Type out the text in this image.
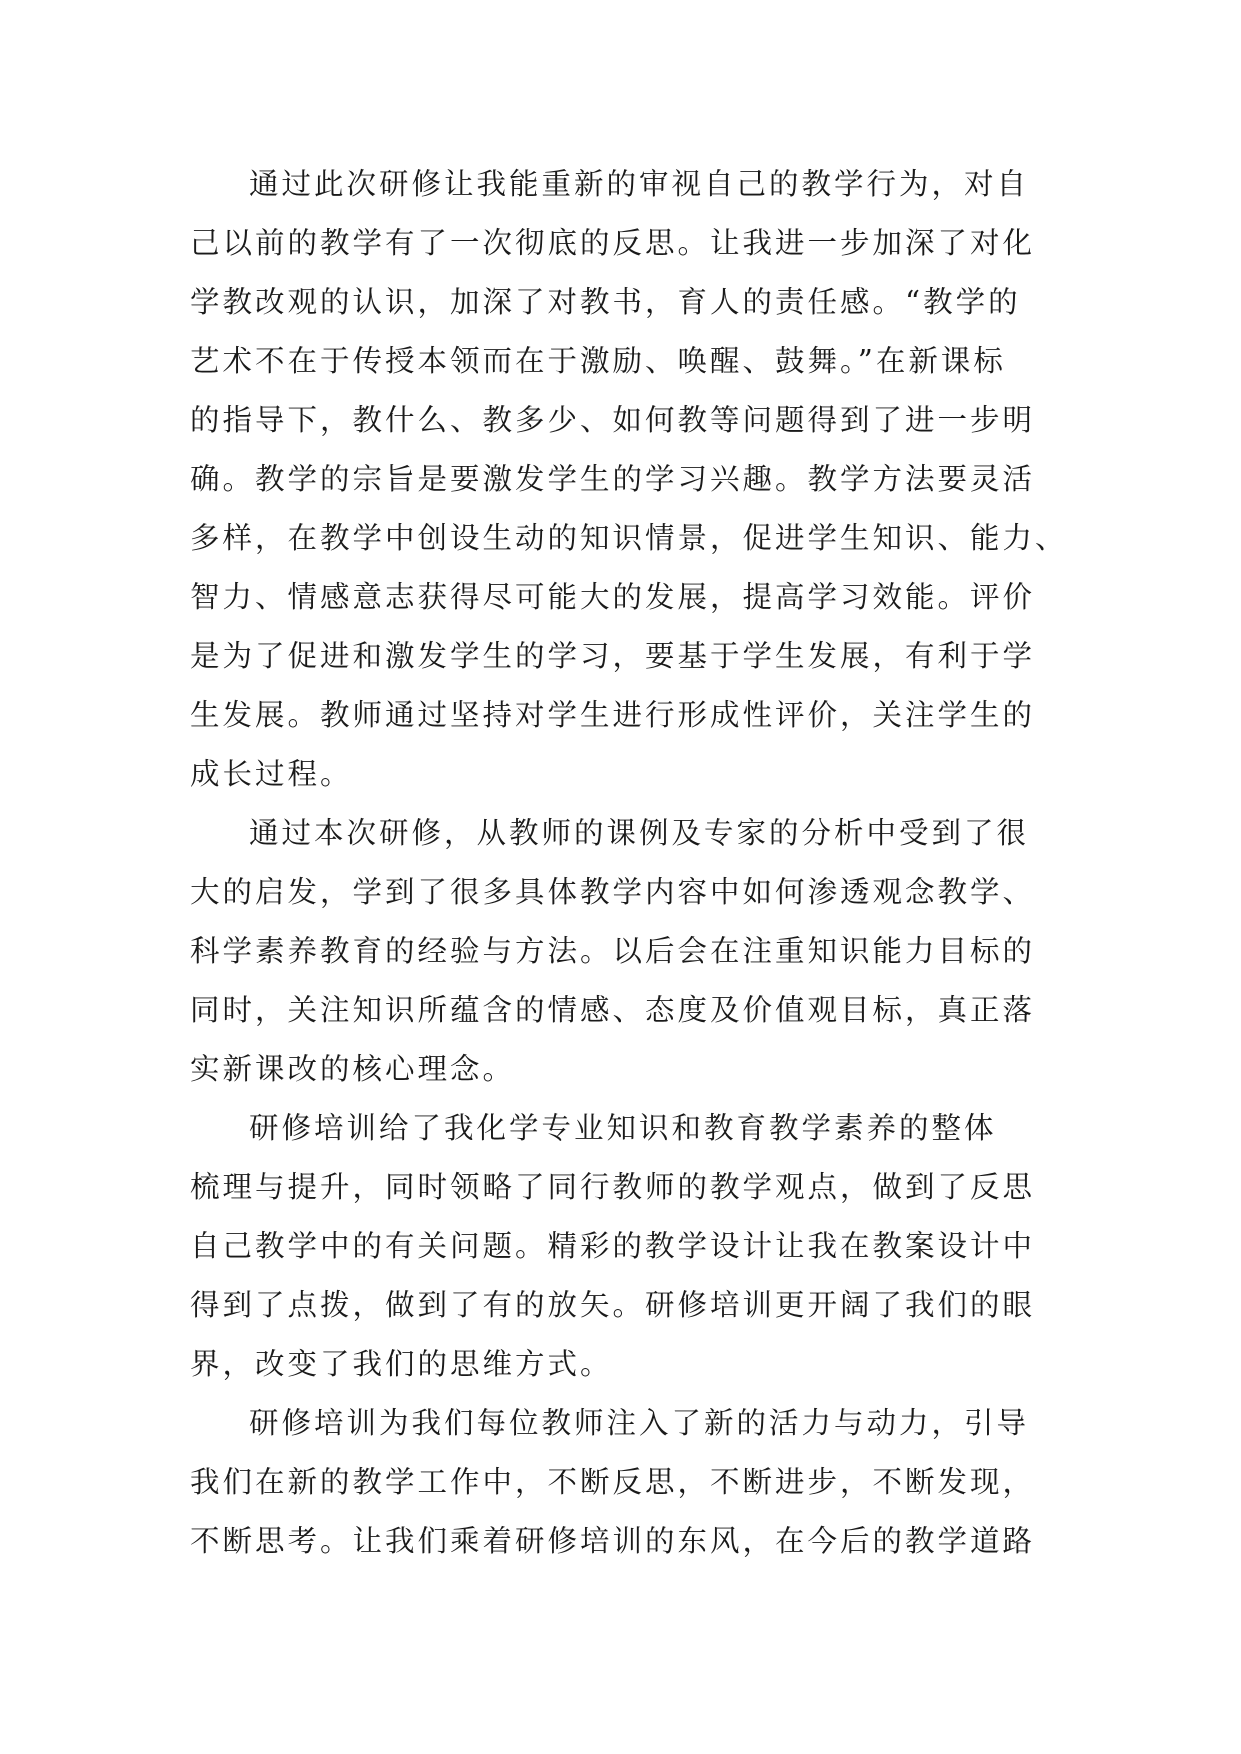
通过此次研修让我能重新的审视自己的教学行为，对自
己以前的教学有了一次彻底的反思。让我进一步加深了对化
学教改观的认识，加深了对教书，育人的责任感。“教学的
艺术不在于传授本领而在于激励、唤醒、鼓舞。”在新课标
的指导下，教什么、教多少、如何教等问题得到了进一步明
确。教学的宗旨是要激发学生的学习兴趣。教学方法要灵活
多样，在教学中创设生动的知识情景，促进学生知识、能力、
智力、情感意志获得尽可能大的发展，提高学习效能。评价
是为了促进和激发学生的学习，要基于学生发展，有利于学
生发展。教师通过坚持对学生进行形成性评价，关注学生的
成长过程。

通过本次研修，从教师的课例及专家的分析中受到了很
大的启发，学到了很多具体教学内容中如何渗透观念教学、
科学素养教育的经验与方法。以后会在注重知识能力目标的
同时，关注知识所蕴含的情感、态度及价值观目标，真正落
实新课改的核心理念。

研修培训给了我化学专业知识和教育教学素养的整体
梳理与提升，同时领略了同行教师的教学观点，做到了反思
自己教学中的有关问题。精彩的教学设计让我在教案设计中
得到了点拨，做到了有的放矢。研修培训更开阔了我们的眼
界，改变了我们的思维方式。

研修培训为我们每位教师注入了新的活力与动力，引导
我们在新的教学工作中，不断反思，不断进步，不断发现，
不断思考。让我们乘着研修培训的东风，在今后的教学道路
